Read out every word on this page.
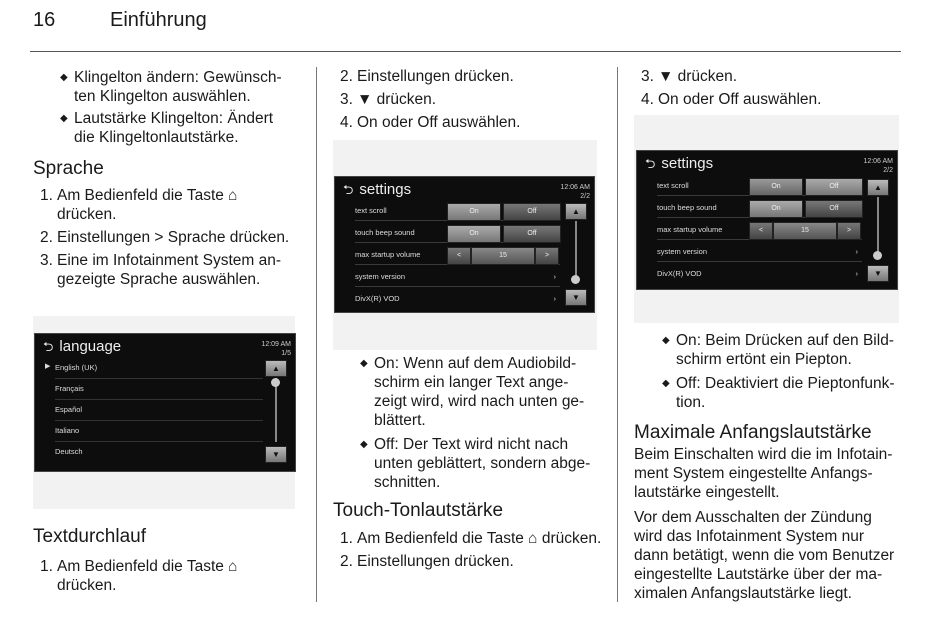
16	Einführung

◆ Klingelton ändern: Gewünsch-ten Klingelton auswählen.

◆ Lautstärke Klingelton: Ändert die Klingeltonlautstärke.

Sprache

1. Am Bedienfeld die Taste ⌂ drücken.

2. Einstellungen > Sprache drücken.

3. Eine im Infotainment System an-gezeigte Sprache auswählen.

⮌ language	12:09 AM
1/5
▶ English (UK)
Français
Español
Italiano
Deutsch
▲
▼
Textdurchlauf

1. Am Bedienfeld die Taste ⌂ drücken.

2. Einstellungen drücken.

3. ▼ drücken.

4. On oder Off auswählen.

⮌ settings	12:06 AM
2/2
text scroll	On	Off
touch beep sound	On	Off
max startup volume	<	15	>
system version	›
DivX(R) VOD	›
▲
▼

◆ On: Wenn auf dem Audiobild-schirm ein langer Text ange-zeigt wird, wird nach unten ge-blättert.

◆ Off: Der Text wird nicht nach unten geblättert, sondern abge-schnitten.

Touch-Tonlautstärke

1. Am Bedienfeld die Taste ⌂ drücken.

2. Einstellungen drücken.

3. ▼ drücken.

4. On oder Off auswählen.

⮌ settings	12:06 AM
2/2
text scroll	On	Off
touch beep sound	On	Off
max startup volume	<	15	>
system version	›
DivX(R) VOD	›
▲
▼

◆ On: Beim Drücken auf den Bild-schirm ertönt ein Piepton.

◆ Off: Deaktiviert die Pieptonfunk-tion.

Maximale Anfangslautstärke

Beim Einschalten wird die im Infotain-ment System eingestellte Anfangs-lautstärke eingestellt.

Vor dem Ausschalten der Zündung wird das Infotainment System nur dann betätigt, wenn die vom Benutzer eingestellte Lautstärke über der ma-ximalen Anfangslautstärke liegt.
